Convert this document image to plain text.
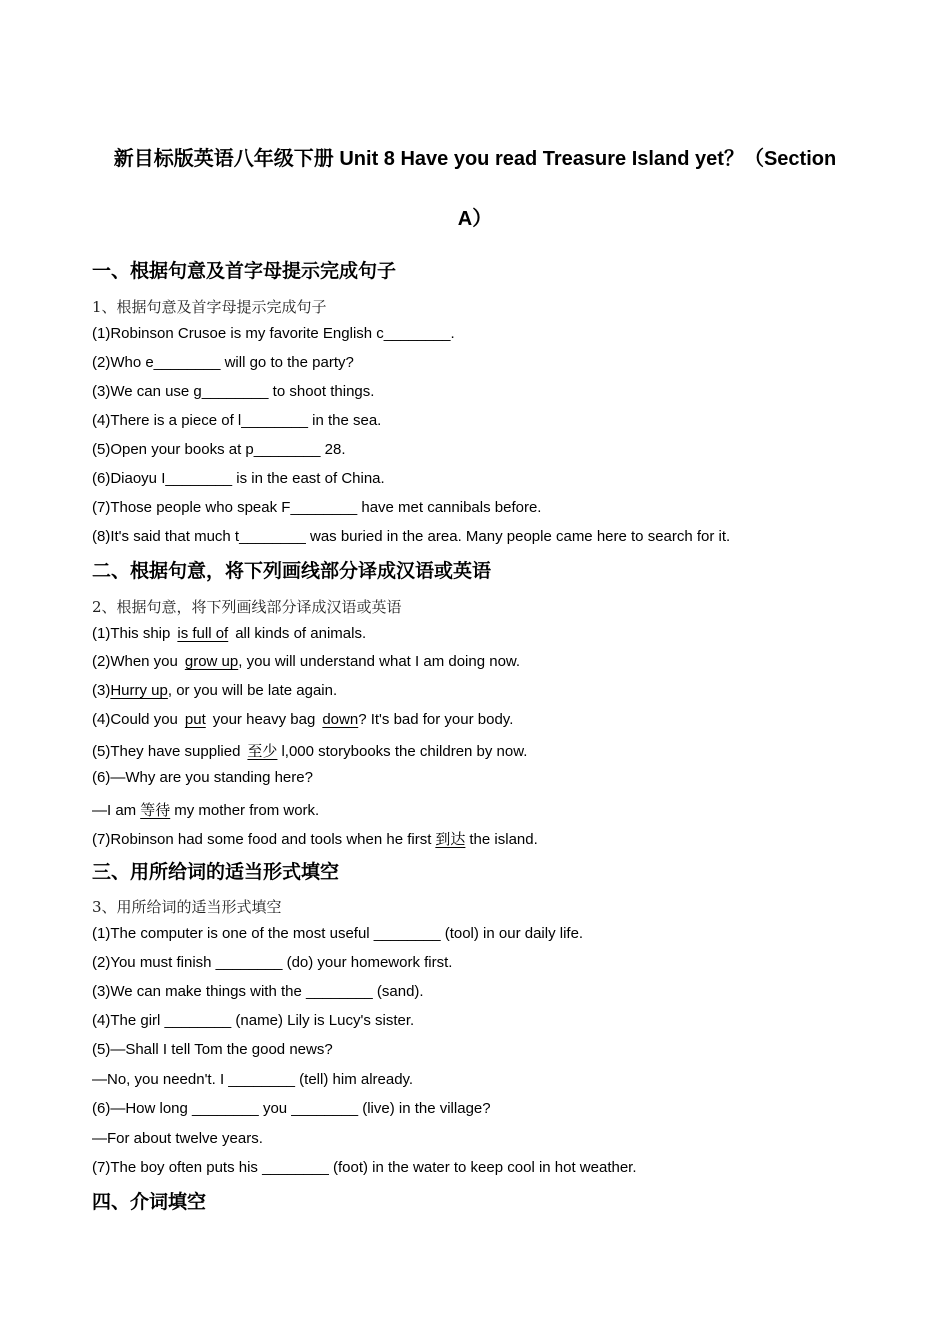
新目标版英语八年级下册 Unit 8 Have you read Treasure Island yet？（Section
A）
一、根据句意及首字母提示完成句子
1、根据句意及首字母提示完成句子
(1)Robinson Crusoe is my favorite English c________.
(2)Who e________ will go to the party?
(3)We can use g________ to shoot things.
(4)There is a piece of l________ in the sea.
(5)Open your books at p________ 28.
(6)Diaoyu I________ is in the east of China.
(7)Those people who speak F________ have met cannibals before.
(8)It's said that much t________ was buried in the area. Many people came here to search for it.
二、根据句意，将下列画线部分译成汉语或英语
2、根据句意，将下列画线部分译成汉语或英语
(1)This ship is full of all kinds of animals.
(2)When you grow up, you will understand what I am doing now.
(3)Hurry up, or you will be late again.
(4)Could you put your heavy bag down? It's bad for your body.
(5)They have supplied 至少 l,000 storybooks the children by now.
(6)—Why are you standing here?
—I am 等待 my mother from work.
(7)Robinson had some food and tools when he first 到达 the island.
三、用所给词的适当形式填空
3、用所给词的适当形式填空
(1)The computer is one of the most useful ________ (tool) in our daily life.
(2)You must finish ________ (do) your homework first.
(3)We can make things with the ________ (sand).
(4)The girl ________ (name) Lily is Lucy's sister.
(5)—Shall I tell Tom the good news?
—No, you needn't. I ________ (tell) him already.
(6)—How long ________ you ________ (live) in the village?
—For about twelve years.
(7)The boy often puts his ________ (foot) in the water to keep cool in hot weather.
四、介词填空
